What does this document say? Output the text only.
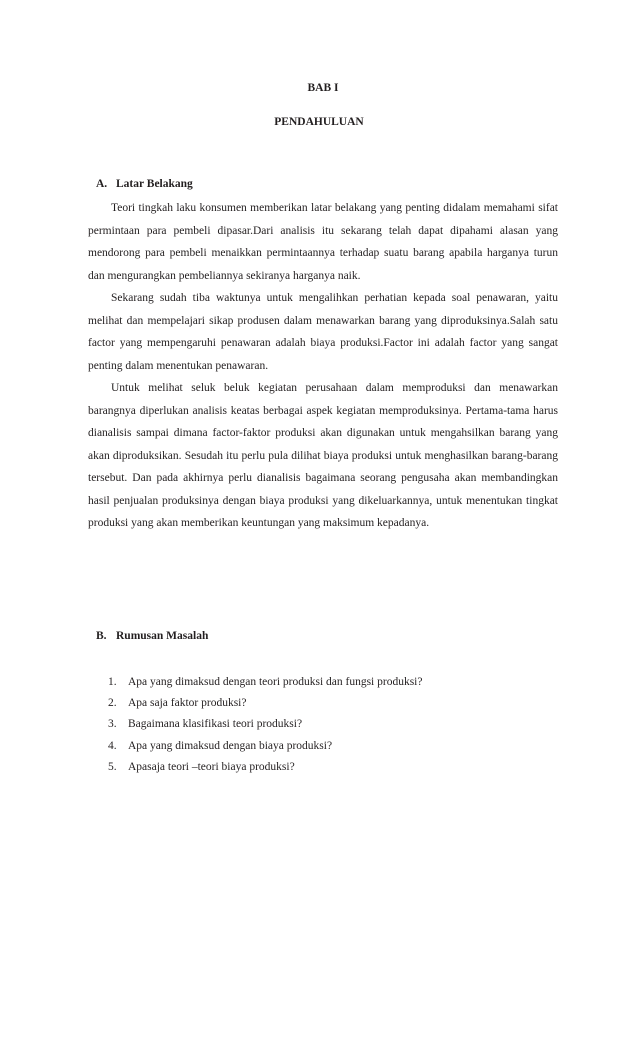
BAB I
PENDAHULUAN
A. Latar Belakang

Teori tingkah laku konsumen memberikan latar belakang yang penting didalam memahami sifat permintaan para pembeli dipasar.Dari analisis itu sekarang telah dapat dipahami alasan yang mendorong para pembeli menaikkan permintaannya terhadap suatu barang apabila harganya turun dan mengurangkan pembeliannya sekiranya harganya naik.

Sekarang sudah tiba waktunya untuk mengalihkan perhatian kepada soal penawaran, yaitu melihat dan mempelajari sikap produsen dalam menawarkan barang yang diproduksinya.Salah satu factor yang mempengaruhi penawaran adalah biaya produksi.Factor ini adalah factor yang sangat penting dalam menentukan penawaran.

Untuk melihat seluk beluk kegiatan perusahaan dalam memproduksi dan menawarkan barangnya diperlukan analisis keatas berbagai aspek kegiatan memproduksinya. Pertama-tama harus dianalisis sampai dimana factor-faktor produksi akan digunakan untuk mengahsilkan barang yang akan diproduksikan. Sesudah itu perlu pula dilihat biaya produksi untuk menghasilkan barang-barang tersebut. Dan pada akhirnya perlu dianalisis bagaimana seorang pengusaha akan membandingkan hasil penjualan produksinya dengan biaya produksi yang dikeluarkannya, untuk menentukan tingkat produksi yang akan memberikan keuntungan yang maksimum kepadanya.

B. Rumusan Masalah
1. Apa yang dimaksud dengan teori produksi dan fungsi produksi?
2. Apa saja faktor produksi?
3. Bagaimana klasifikasi teori produksi?
4. Apa yang dimaksud dengan biaya produksi?
5. Apasaja teori –teori biaya produksi?
